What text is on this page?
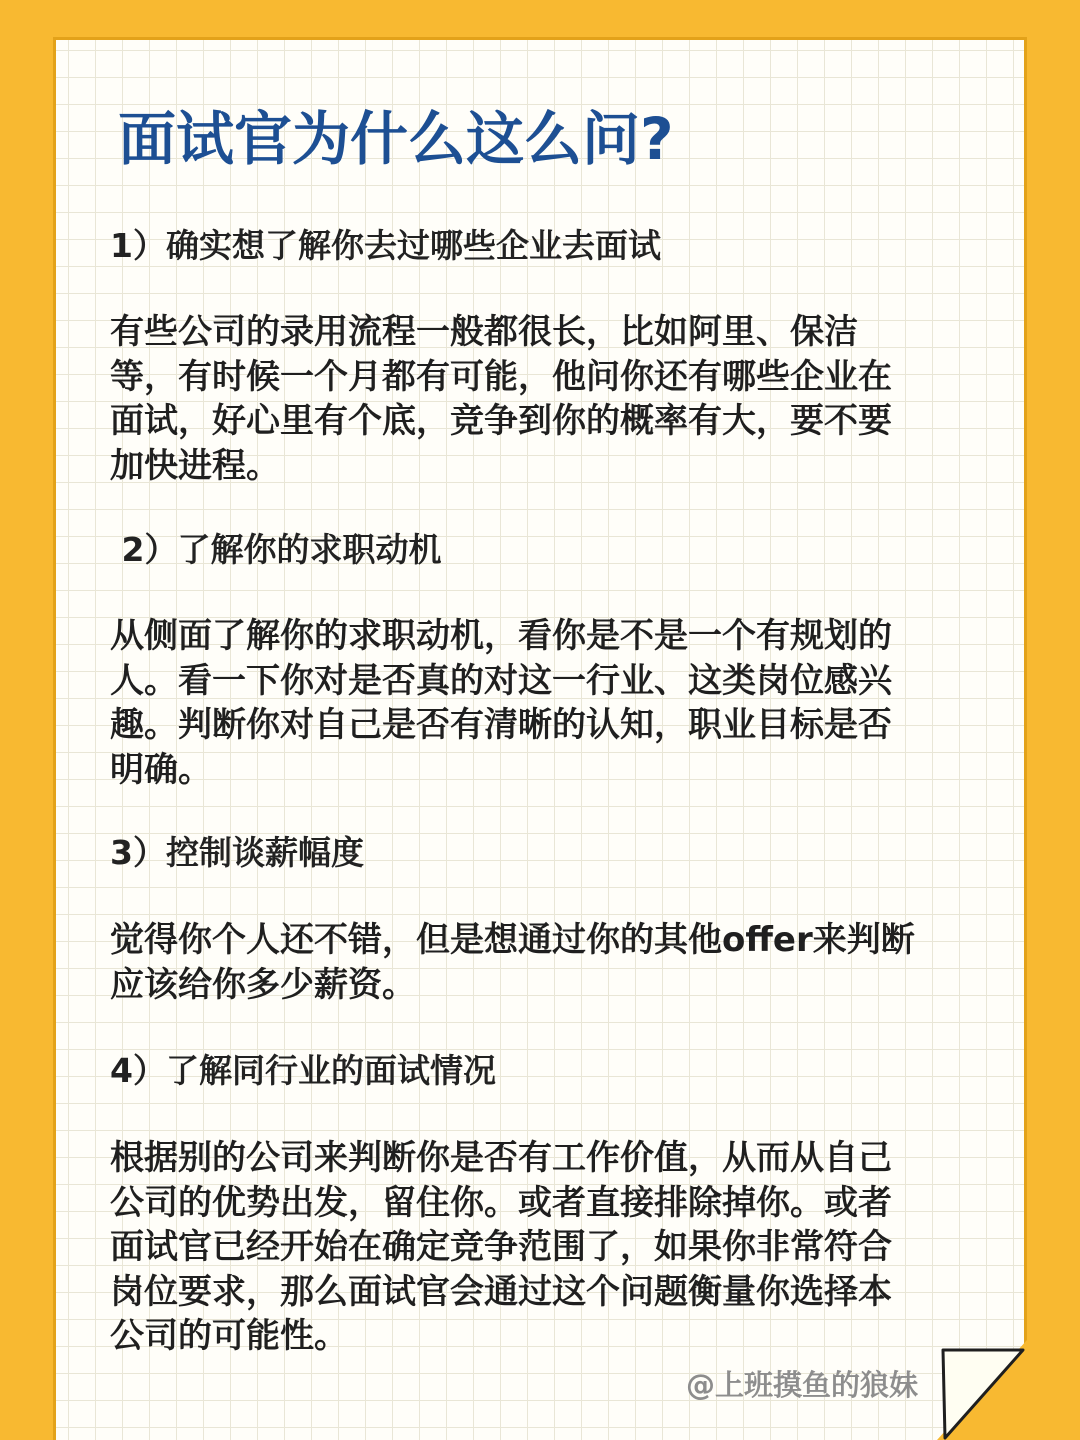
面试官为什么这么问?
1）确实想了解你去过哪些企业去面试

有些公司的录用流程一般都很长，比如阿里、保洁
等，有时候一个月都有可能，他问你还有哪些企业在
面试，好心里有个底，竞争到你的概率有大，要不要
加快进程。

2）了解你的求职动机

从侧面了解你的求职动机，看你是不是一个有规划的
人。看一下你对是否真的对这一行业、这类岗位感兴
趣。判断你对自己是否有清晰的认知，职业目标是否
明确。

3）控制谈薪幅度

觉得你个人还不错，但是想通过你的其他offer来判断
应该给你多少薪资。

4）了解同行业的面试情况

根据别的公司来判断你是否有工作价值，从而从自己
公司的优势出发，留住你。或者直接排除掉你。或者
面试官已经开始在确定竞争范围了，如果你非常符合
岗位要求，那么面试官会通过这个问题衡量你选择本
公司的可能性。

@上班摸鱼的狼妹
